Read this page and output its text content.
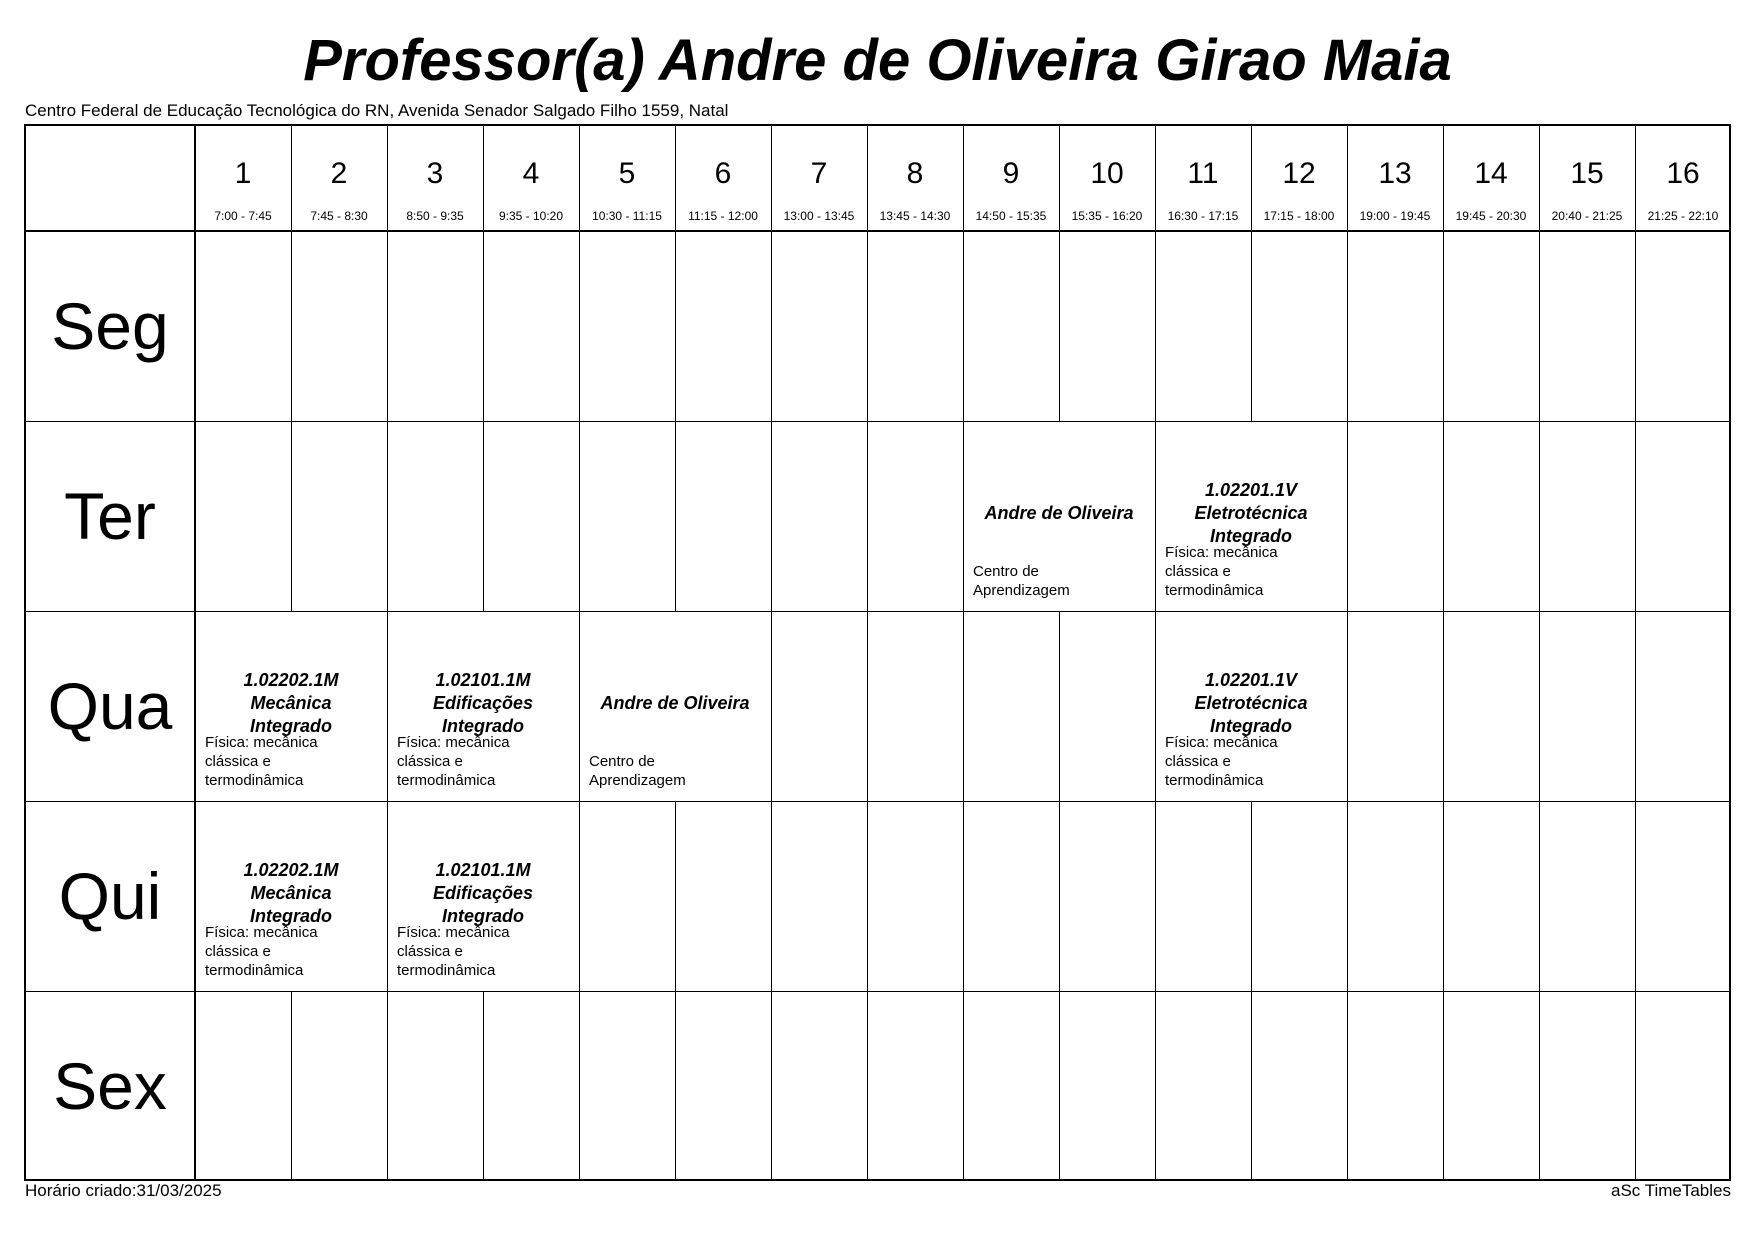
Professor(a) Andre de Oliveira Girao Maia
Centro Federal de Educação Tecnológica do RN, Avenida Senador Salgado Filho 1559, Natal
1
7:00 - 7:45
2
7:45 - 8:30
3
8:50 - 9:35
4
9:35 - 10:20
5
10:30 - 11:15
6
11:15 - 12:00
7
13:00 - 13:45
8
13:45 - 14:30
9
14:50 - 15:35
10
15:35 - 16:20
11
16:30 - 17:15
12
17:15 - 18:00
13
19:00 - 19:45
14
19:45 - 20:30
15
20:40 - 21:25
16
21:25 - 22:10
Seg
Ter
Qua
Qui
Sex
Andre de Oliveira
Centro de
Aprendizagem
1.02201.1V
Eletrotécnica
Integrado
Física: mecânica
clássica e
termodinâmica
1.02202.1M
Mecânica
Integrado
Física: mecânica
clássica e
termodinâmica
1.02101.1M
Edificações
Integrado
Física: mecânica
clássica e
termodinâmica
Andre de Oliveira
Centro de
Aprendizagem
1.02201.1V
Eletrotécnica
Integrado
Física: mecânica
clássica e
termodinâmica
1.02202.1M
Mecânica
Integrado
Física: mecânica
clássica e
termodinâmica
1.02101.1M
Edificações
Integrado
Física: mecânica
clássica e
termodinâmica
Horário criado:31/03/2025	aSc TimeTables
